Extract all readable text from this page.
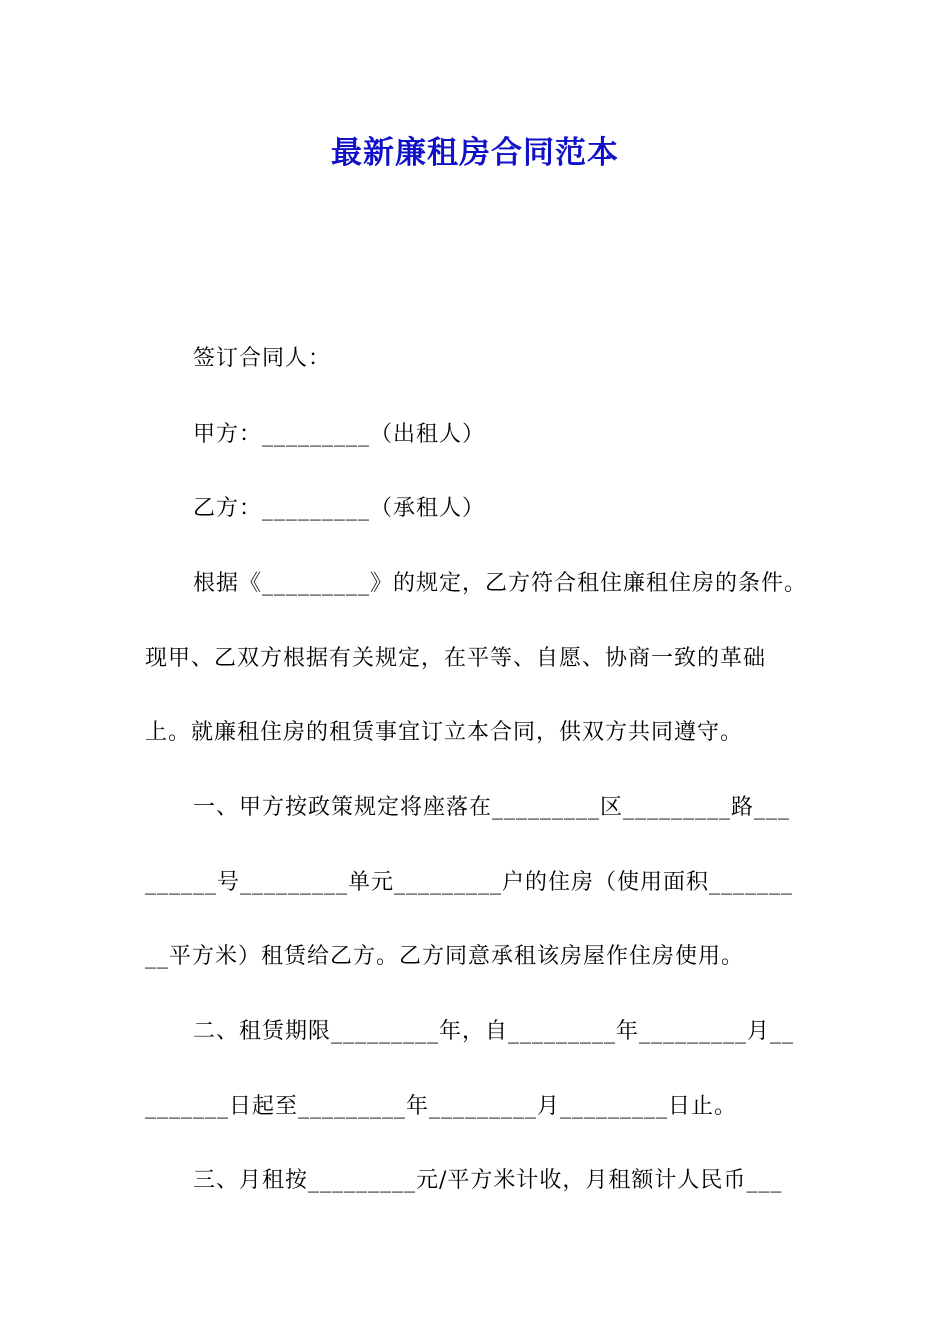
最新廉租房合同范本
签订合同人：
甲方：_________（出租人）
乙方：_________（承租人）
根据《_________》的规定，乙方符合租住廉租住房的条件。
现甲、乙双方根据有关规定，在平等、自愿、协商一致的革础
上。就廉租住房的租赁事宜订立本合同，供双方共同遵守。
一、甲方按政策规定将座落在_________区_________路___
______号_________单元_________户的住房（使用面积_______
__平方米）租赁给乙方。乙方同意承租该房屋作住房使用。
二、租赁期限_________年，自_________年_________月__
_______日起至_________年_________月_________日止。
三、月租按_________元/平方米计收，月租额计人民币___
